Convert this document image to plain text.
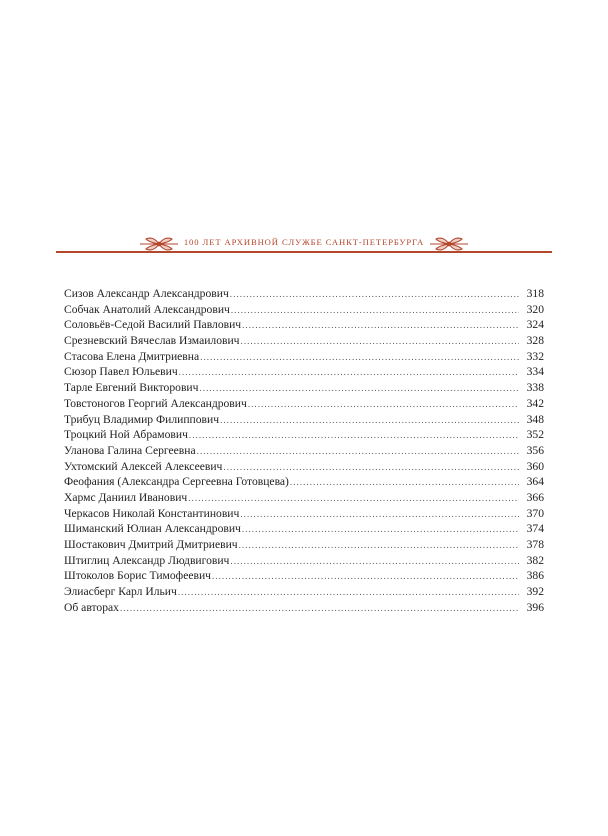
100 ЛЕТ АРХИВНОЙ СЛУЖБЕ САНКТ-ПЕТЕРБУРГА
Сизов Александр Александрович . . .	318
Собчак Анатолий Александрович . . .	320
Соловьёв-Седой Василий Павлович . . .	324
Срезневский Вячеслав Измаилович . . .	328
Стасова Елена Дмитриевна . . .	332
Сюзор Павел Юльевич . . .	334
Тарле Евгений Викторович . . .	338
Товстоногов Георгий Александрович . . .	342
Трибуц Владимир Филиппович . . .	348
Троцкий Ной Абрамович . . .	352
Уланова Галина Сергеевна . . .	356
Ухтомский Алексей Алексеевич . . .	360
Феофания (Александра Сергеевна Готовцева) . . .	364
Хармс Даниил Иванович . . .	366
Черкасов Николай Константинович . . .	370
Шиманский Юлиан Александрович . . .	374
Шостакович Дмитрий Дмитриевич . . .	378
Штиглиц Александр Людвигович . . .	382
Штоколов Борис Тимофеевич . . .	386
Элиасберг Карл Ильич . . .	392
Об авторах . . .	396
